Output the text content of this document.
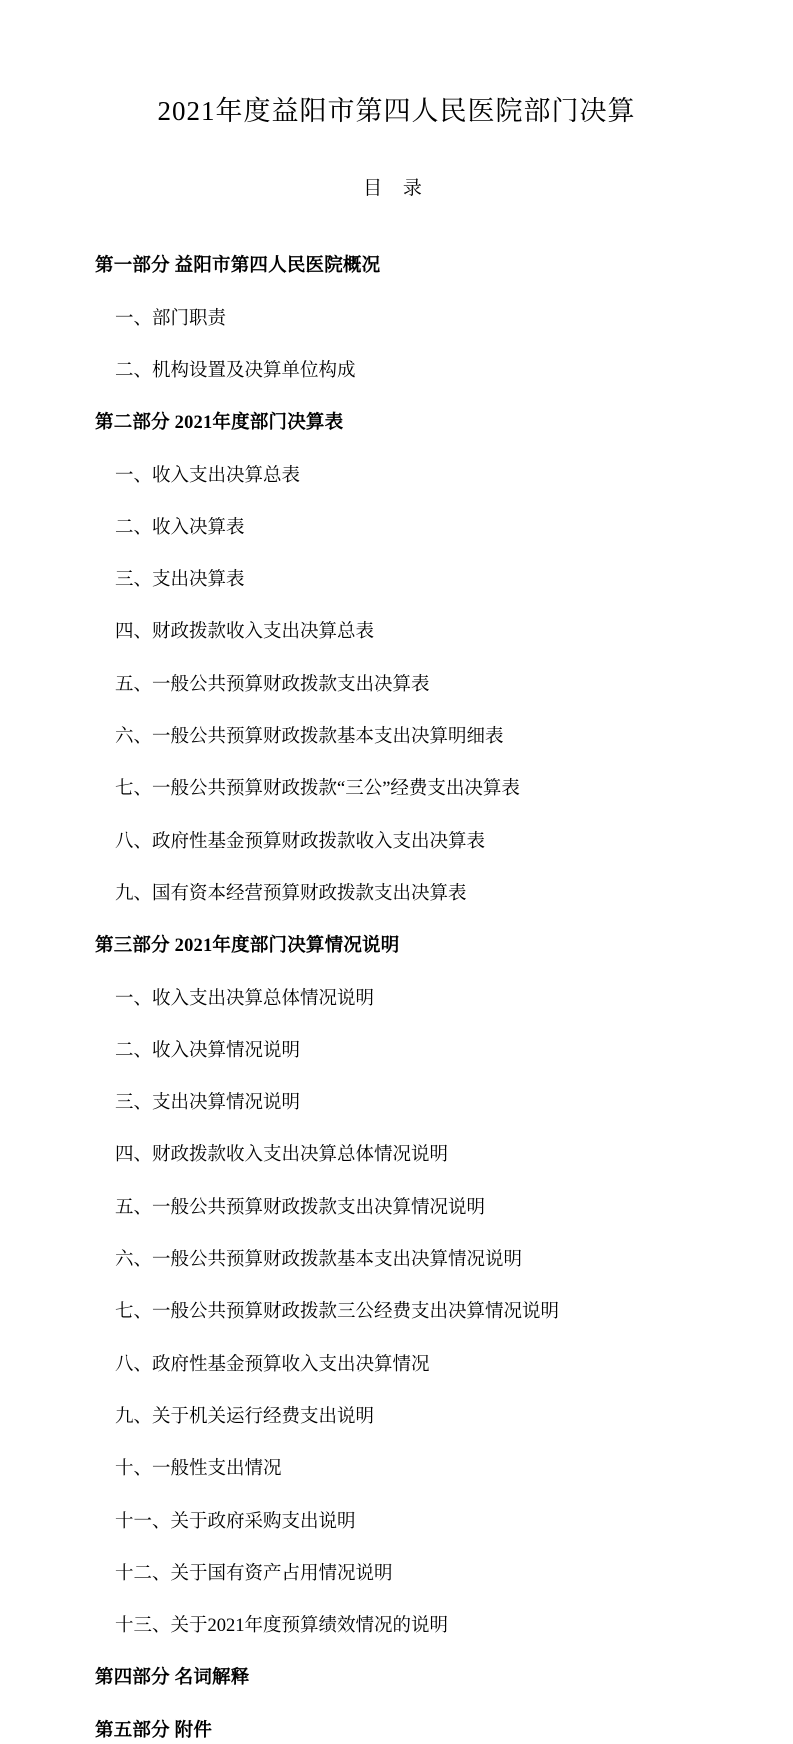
2021年度益阳市第四人民医院部门决算
目 录
第一部分 益阳市第四人民医院概况
一、部门职责
二、机构设置及决算单位构成
第二部分 2021年度部门决算表
一、收入支出决算总表
二、收入决算表
三、支出决算表
四、财政拨款收入支出决算总表
五、一般公共预算财政拨款支出决算表
六、一般公共预算财政拨款基本支出决算明细表
七、一般公共预算财政拨款“三公”经费支出决算表
八、政府性基金预算财政拨款收入支出决算表
九、国有资本经营预算财政拨款支出决算表
第三部分 2021年度部门决算情况说明
一、收入支出决算总体情况说明
二、收入决算情况说明
三、支出决算情况说明
四、财政拨款收入支出决算总体情况说明
五、一般公共预算财政拨款支出决算情况说明
六、一般公共预算财政拨款基本支出决算情况说明
七、一般公共预算财政拨款三公经费支出决算情况说明
八、政府性基金预算收入支出决算情况
九、关于机关运行经费支出说明
十、一般性支出情况
十一、关于政府采购支出说明
十二、关于国有资产占用情况说明
十三、关于2021年度预算绩效情况的说明
第四部分 名词解释
第五部分 附件
